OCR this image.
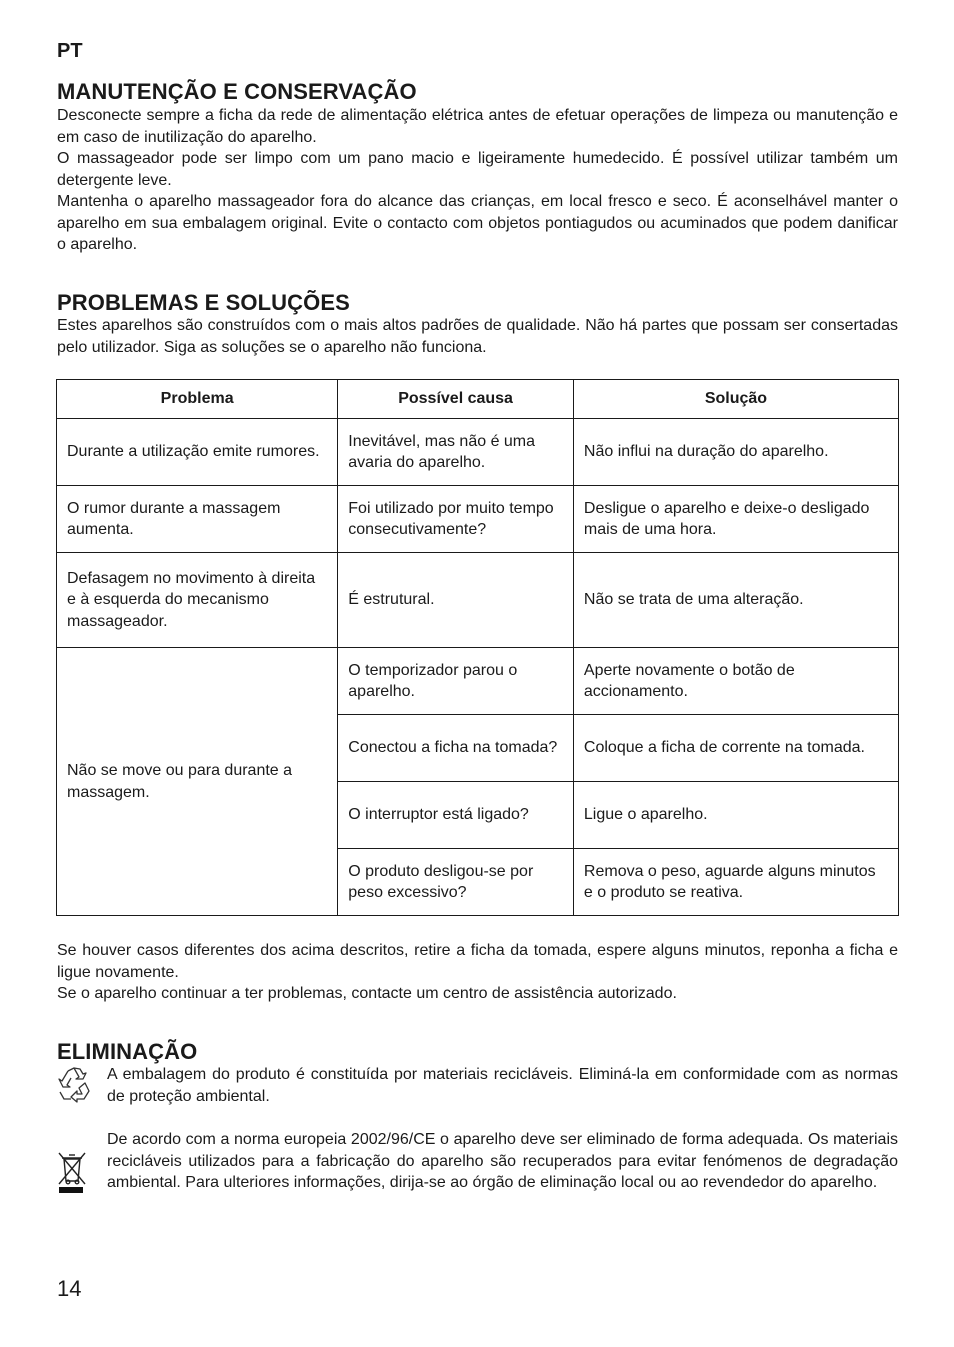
PT
MANUTENÇÃO E CONSERVAÇÃO

Desconecte sempre a ficha da rede de alimentação elétrica antes de efetuar operações de limpeza ou manutenção e em caso de inutilização do aparelho.

O massageador pode ser limpo com um pano macio e ligeiramente humedecido. É possível utilizar também um detergente leve.

Mantenha o aparelho massageador fora do alcance das crianças, em local fresco e seco. É aconselhável manter o aparelho em sua embalagem original. Evite o contacto com objetos pontiagudos ou acuminados que podem danificar o aparelho.

PROBLEMAS E SOLUÇÕES

Estes aparelhos são construídos com o mais altos padrões de qualidade. Não há partes que possam ser consertadas pelo utilizador. Siga as soluções se o aparelho não funciona.

Problema	Possível causa	Solução
Durante a utilização emite rumores.	Inevitável, mas não é uma avaria do aparelho.	Não influi na duração do aparelho.
O rumor durante a massagem aumenta.	Foi utilizado por muito tempo consecutivamente?	Desligue o aparelho e deixe-o desligado mais de uma hora.
Defasagem no movimento à direita e à esquerda do mecanismo massageador.	É estrutural.	Não se trata de uma alteração.
Não se move ou para durante a massagem.	O temporizador parou o aparelho.	Aperte novamente o botão de accionamento.
	Conectou a ficha na tomada?	Coloque a ficha de corrente na tomada.
	O interruptor está ligado?	Ligue o aparelho.
	O produto desligou-se por peso excessivo?	Remova o peso, aguarde alguns minutos e o produto se reativa.

Se houver casos diferentes dos acima descritos, retire a ficha da tomada, espere alguns minutos, reponha a ficha e ligue novamente.

Se o aparelho continuar a ter problemas, contacte um centro de assistência autorizado.

ELIMINAÇÃO

A embalagem do produto é constituída por materiais recicláveis. Eliminá-la em conformidade com as normas de proteção ambiental.

De acordo com a norma europeia 2002/96/CE o aparelho deve ser eliminado de forma adequada. Os materiais recicláveis utilizados para a fabricação do aparelho são recuperados para evitar fenómenos de degradação ambiental. Para ulteriores informações, dirija-se ao órgão de eliminação local ou ao revendedor do aparelho.

14
